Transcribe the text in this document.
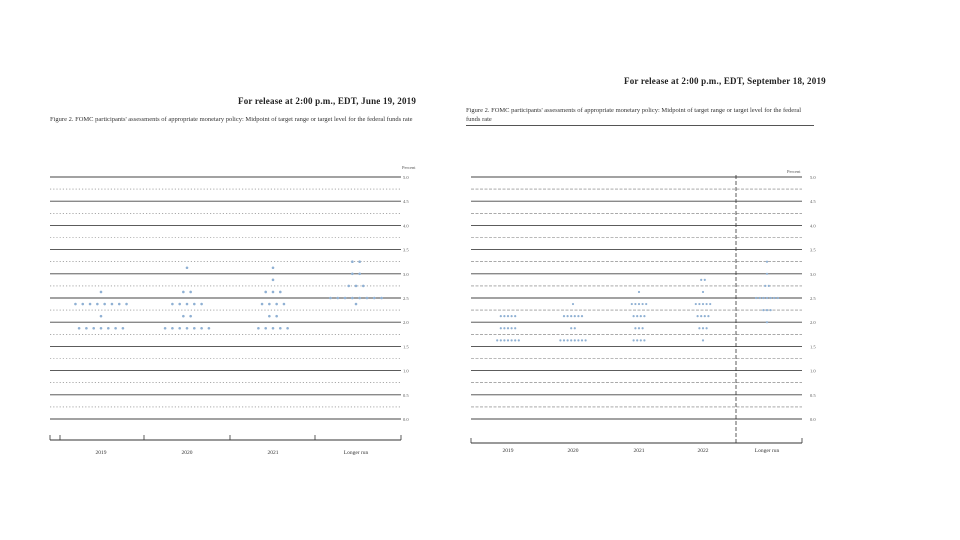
For release at 2:00 p.m., EDT, June 19, 2019
Figure 2. FOMC participants' assessments of appropriate monetary policy: Midpoint of target range or target level for the federal funds rate
0.0
0.5
1.0
1.5
2.0
2.5
3.0
3.5
4.0
4.5
5.0
Percent
2019	2020	2021	Longer run
For release at 2:00 p.m., EDT, September 18, 2019
Figure 2. FOMC participants' assessments of appropriate monetary policy: Midpoint of target range or target level for the federal funds rate
0.0
0.5
1.0
1.5
2.0
2.5
3.0
3.5
4.0
4.5
5.0
Percent
2019	2020	2021	2022	Longer run
